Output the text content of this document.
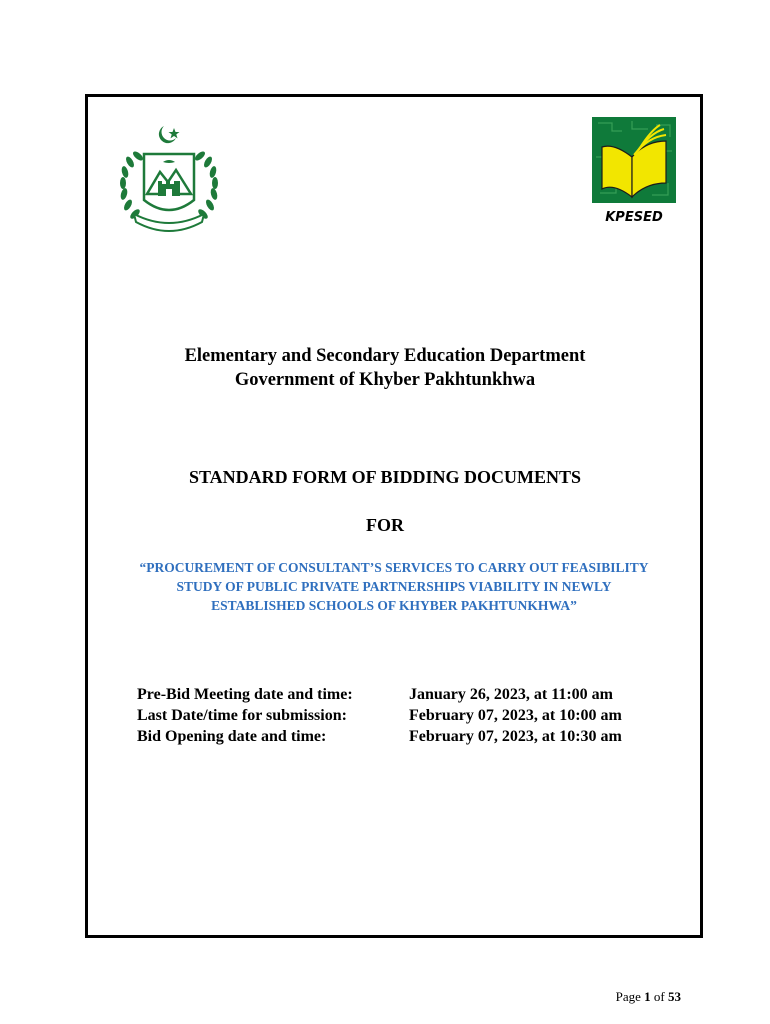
KPESED
Elementary and Secondary Education Department
Government of Khyber Pakhtunkhwa
STANDARD FORM OF BIDDING DOCUMENTS
FOR
“PROCUREMENT OF CONSULTANT’S SERVICES TO CARRY OUT FEASIBILITY
STUDY OF PUBLIC PRIVATE PARTNERSHIPS VIABILITY IN NEWLY
ESTABLISHED SCHOOLS OF KHYBER PAKHTUNKHWA”
Pre-Bid Meeting date and time:	January 26, 2023, at 11:00 am
Last Date/time for submission:	February 07, 2023, at 10:00 am
Bid Opening date and time:	February 07, 2023, at 10:30 am
Page 1 of 53
